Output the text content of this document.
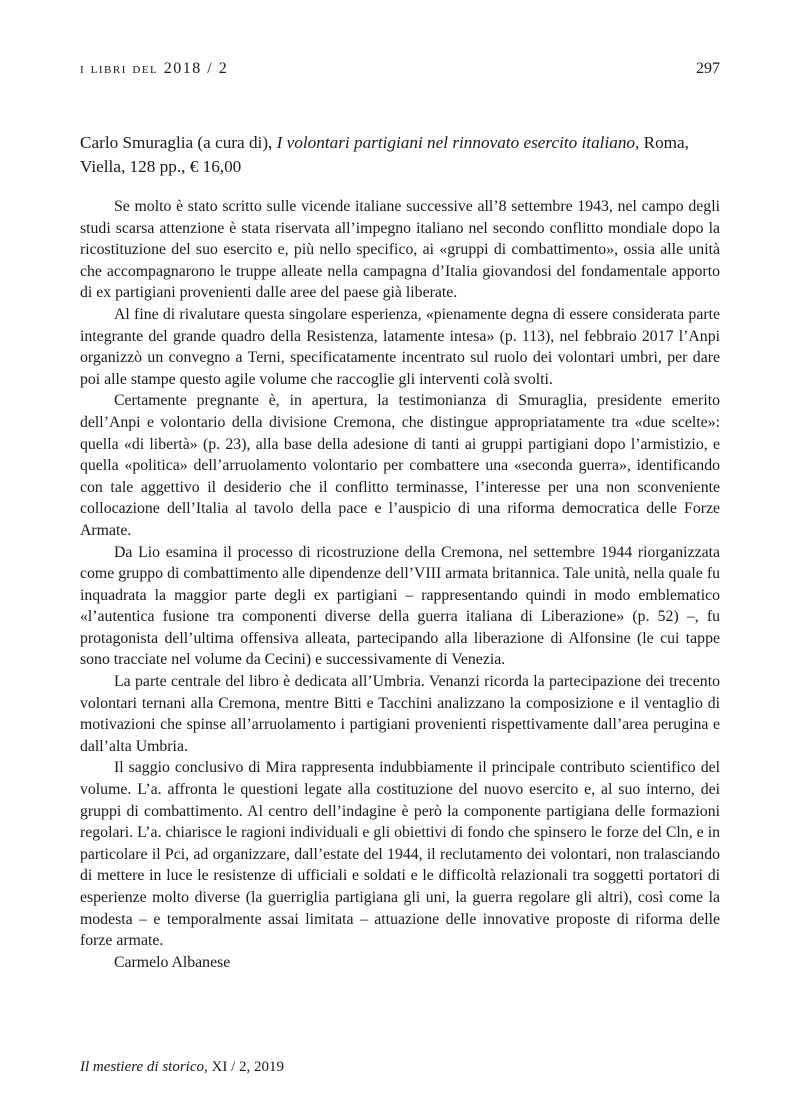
i libri del 2018 / 2	297

Carlo Smuraglia (a cura di), I volontari partigiani nel rinnovato esercito italiano, Roma, Viella, 128 pp., € 16,00

Se molto è stato scritto sulle vicende italiane successive all’8 settembre 1943, nel campo degli studi scarsa attenzione è stata riservata all’impegno italiano nel secondo conflitto mondiale dopo la ricostituzione del suo esercito e, più nello specifico, ai «gruppi di combattimento», ossia alle unità che accompagnarono le truppe alleate nella campagna d’Italia giovandosi del fondamentale apporto di ex partigiani provenienti dalle aree del paese già liberate.

Al fine di rivalutare questa singolare esperienza, «pienamente degna di essere considerata parte integrante del grande quadro della Resistenza, latamente intesa» (p. 113), nel febbraio 2017 l’Anpi organizzò un convegno a Terni, specificatamente incentrato sul ruolo dei volontari umbri, per dare poi alle stampe questo agile volume che raccoglie gli interventi colà svolti.

Certamente pregnante è, in apertura, la testimonianza di Smuraglia, presidente emerito dell’Anpi e volontario della divisione Cremona, che distingue appropriatamente tra «due scelte»: quella «di libertà» (p. 23), alla base della adesione di tanti ai gruppi partigiani dopo l’armistizio, e quella «politica» dell’arruolamento volontario per combattere una «seconda guerra», identificando con tale aggettivo il desiderio che il conflitto terminasse, l’interesse per una non sconveniente collocazione dell’Italia al tavolo della pace e l’auspicio di una riforma democratica delle Forze Armate.

Da Lio esamina il processo di ricostruzione della Cremona, nel settembre 1944 riorganizzata come gruppo di combattimento alle dipendenze dell’VIII armata britannica. Tale unità, nella quale fu inquadrata la maggior parte degli ex partigiani – rappresentando quindi in modo emblematico «l’autentica fusione tra componenti diverse della guerra italiana di Liberazione» (p. 52) –, fu protagonista dell’ultima offensiva alleata, partecipando alla liberazione di Alfonsine (le cui tappe sono tracciate nel volume da Cecini) e successivamente di Venezia.

La parte centrale del libro è dedicata all’Umbria. Venanzi ricorda la partecipazione dei trecento volontari ternani alla Cremona, mentre Bitti e Tacchini analizzano la composizione e il ventaglio di motivazioni che spinse all’arruolamento i partigiani provenienti rispettivamente dall’area perugina e dall’alta Umbria.

Il saggio conclusivo di Mira rappresenta indubbiamente il principale contributo scientifico del volume. L’a. affronta le questioni legate alla costituzione del nuovo esercito e, al suo interno, dei gruppi di combattimento. Al centro dell’indagine è però la componente partigiana delle formazioni regolari. L’a. chiarisce le ragioni individuali e gli obiettivi di fondo che spinsero le forze del Cln, e in particolare il Pci, ad organizzare, dall’estate del 1944, il reclutamento dei volontari, non tralasciando di mettere in luce le resistenze di ufficiali e soldati e le difficoltà relazionali tra soggetti portatori di esperienze molto diverse (la guerriglia partigiana gli uni, la guerra regolare gli altri), così come la modesta – e temporalmente assai limitata – attuazione delle innovative proposte di riforma delle forze armate.

Carmelo Albanese

Il mestiere di storico, XI / 2, 2019
